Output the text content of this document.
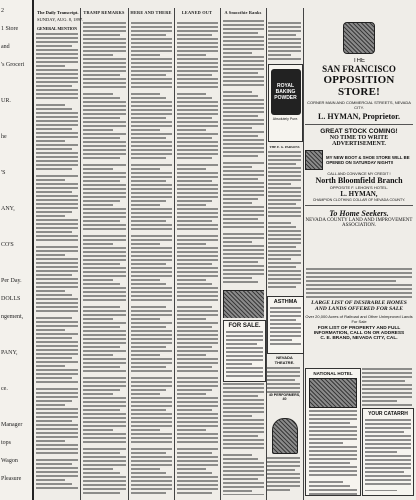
2
1 Store
and
's Groceri
UR.
he
'S
ANY,
CO'S
Per Day.
DOLLS
ngement,
PANY,
ce.
Manager
tops
Wagon
Pleasure
The Daily Transcript.
SUNDAY, AUG. 8, 1897.
TRAMP REMARKS	HERE AND THERE	LEANED OUT	A Smoothie Ranks
GENERAL MENTION
ROYAL
BAKING
POWDER
Absolutely Pure.
THE E. G. PARSONS
FOR SALE.
ASTHMA
NEVADA THEATRE.
40 PERFORMERS, 40
THE
SAN FRANCISCO
OPPOSITION STORE!
CORNER MAIN AND COMMERCIAL STREETS, NEVADA CITY.
L. HYMAN, Proprietor.
GREAT STOCK COMING!
NO TIME TO WRITE ADVERTISEMENT.
MY NEW BOOT & SHOE STORE WILL BE OPENED ON SATURDAY NIGHT!!
CALL AND CONVINCE MY CREDIT !
North Bloomfield Branch
OPPOSITE F. LEHON'S HOTEL.
L. HYMAN,
CHAMPION CLOTHING COLLAR OF NEVADA COUNTY.
To Home Seekers.
NEVADA COUNTY LAND AND IMPROVEMENT ASSOCIATION.
LARGE LIST OF DESIRABLE HOMES AND LANDS OFFERED FOR SALE
Over 20,000 Acres of Railroad and Other Unimproved Lands For Sale
FOR LIST OF PROPERTY AND FULL INFORMATION, CALL ON OR ADDRESS
C. E. BRAND, NEVADA CITY, CAL.
NATIONAL HOTEL
YOUR CATARRH
